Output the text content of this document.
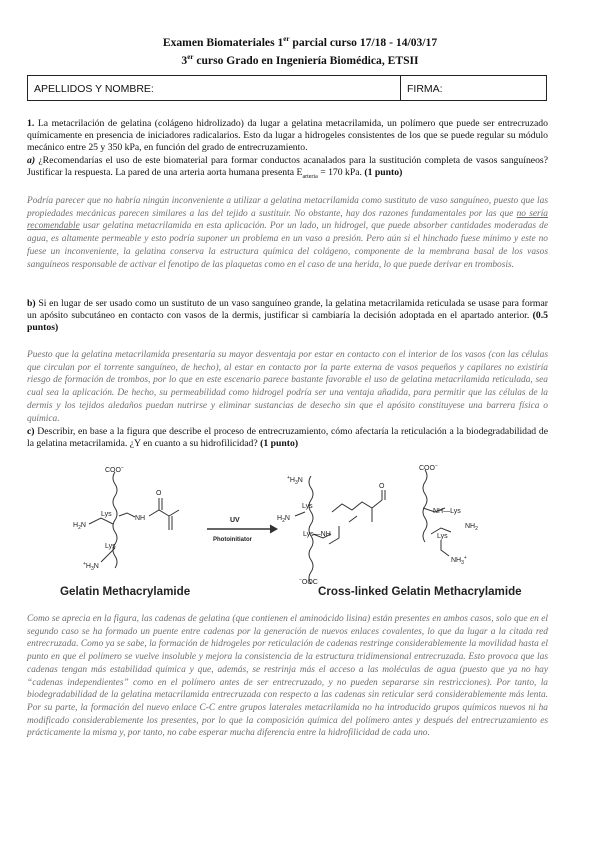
Examen Biomateriales 1er parcial curso 17/18 - 14/03/17
3er curso Grado en Ingeniería Biomédica, ETSII
APELLIDOS Y NOMBRE:	FIRMA:
1. La metacrilación de gelatina (colágeno hidrolizado) da lugar a gelatina metacrilamida, un polímero que puede ser entrecruzado químicamente en presencia de iniciadores radicalarios. Esto da lugar a hidrogeles consistentes de los que se puede regular su módulo mecánico entre 25 y 350 kPa, en función del grado de entrecruzamiento.
a) ¿Recomendarías el uso de este biomaterial para formar conductos acanalados para la sustitución completa de vasos sanguíneos? Justificar la respuesta. La pared de una arteria aorta humana presenta $E_{arteria} = 170$ kPa. (1 punto)
Podría parecer que no habría ningún inconveniente a utilizar a gelatina metacrilamida como sustituto de vaso sanguíneo, puesto que las propiedades mecánicas parecen similares a las del tejido a sustituir. No obstante, hay dos razones fundamentales por las que no sería recomendable usar gelatina metacrilamida en esta aplicación. Por un lado, un hidrogel, que puede absorber cantidades moderadas de agua, es altamente permeable y esto podría suponer un problema en un vaso a presión. Pero aún si el hinchado fuese mínimo y este no fuese un inconveniente, la gelatina conserva la estructura química del colágeno, componente de la membrana basal de los vasos sanguíneos responsable de activar el fenotipo de las plaquetas como en el caso de una herida, lo que puede derivar en trombosis.
b) Si en lugar de ser usado como un sustituto de un vaso sanguíneo grande, la gelatina metacrilamida reticulada se usase para formar un apósito subcutáneo en contacto con vasos de la dermis, justificar si cambiaría la decisión adoptada en el apartado anterior. (0.5 puntos)
Puesto que la gelatina metacrilamida presentaría su mayor desventaja por estar en contacto con el interior de los vasos (con las células que circulan por el torrente sanguíneo, de hecho), al estar en contacto por la parte externa de vasos pequeños y capilares no existiría riesgo de formación de trombos, por lo que en este escenario parece bastante favorable el uso de gelatina metacrilamida reticulada, sea cual sea la aplicación. De hecho, su permeabilidad como hidrogel podría ser una ventaja añadida, para permitir que las células de la dermis y los tejidos aledaños puedan nutrirse y eliminar sustancias de desecho sin que el apósito constituyese una barrera física o química.
c) Describir, en base a la figura que describe el proceso de entrecruzamiento, cómo afectaría la reticulación a la biodegradabilidad de la gelatina metacrilamida. ¿Y en cuanto a su hidrofilicidad? (1 punto)
COO−
O
NH
Lys
$H_2N$
Lys
$^+H_3N$
UV
Photoinitiator
COO−
$^+H_3N$
O
Lys
NH—Lys
$H_2N$
Lys—NH
$NH_2$
Lys
$NH_3^+$
−OOC
Gelatin Methacrylamide	Cross-linked Gelatin Methacrylamide
Como se aprecia en la figura, las cadenas de gelatina (que contienen el aminoácido lisina) están presentes en ambos casos, solo que en el segundo caso se ha formado un puente entre cadenas por la generación de nuevos enlaces covalentes, lo que da lugar a la citada red entrecruzada. Como ya se sabe, la formación de hidrogeles por reticulación de cadenas restringe considerablemente la movilidad hasta el punto en que el polímero se vuelve insoluble y mejora la consistencia de la estructura tridimensional entrecruzada. Esto provoca que las cadenas tengan más estabilidad química y que, además, se restrinja más el acceso a las moléculas de agua (puesto que ya no hay “cadenas independientes” como en el polímero antes de ser entrecruzado, y no pueden separarse sin restricciones). Por tanto, la biodegradabilidad de la gelatina metacrilamida entrecruzada con respecto a las cadenas sin reticular será considerablemente más lenta. Por su parte, la formación del nuevo enlace C-C entre grupos laterales metacrilamida no ha introducido grupos químicos nuevos ni ha modificado considerablemente los presentes, por lo que la composición química del polímero antes y después del entrecruzamiento es prácticamente la misma y, por tanto, no cabe esperar mucha diferencia entre la hidrofilicidad de cada uno.
